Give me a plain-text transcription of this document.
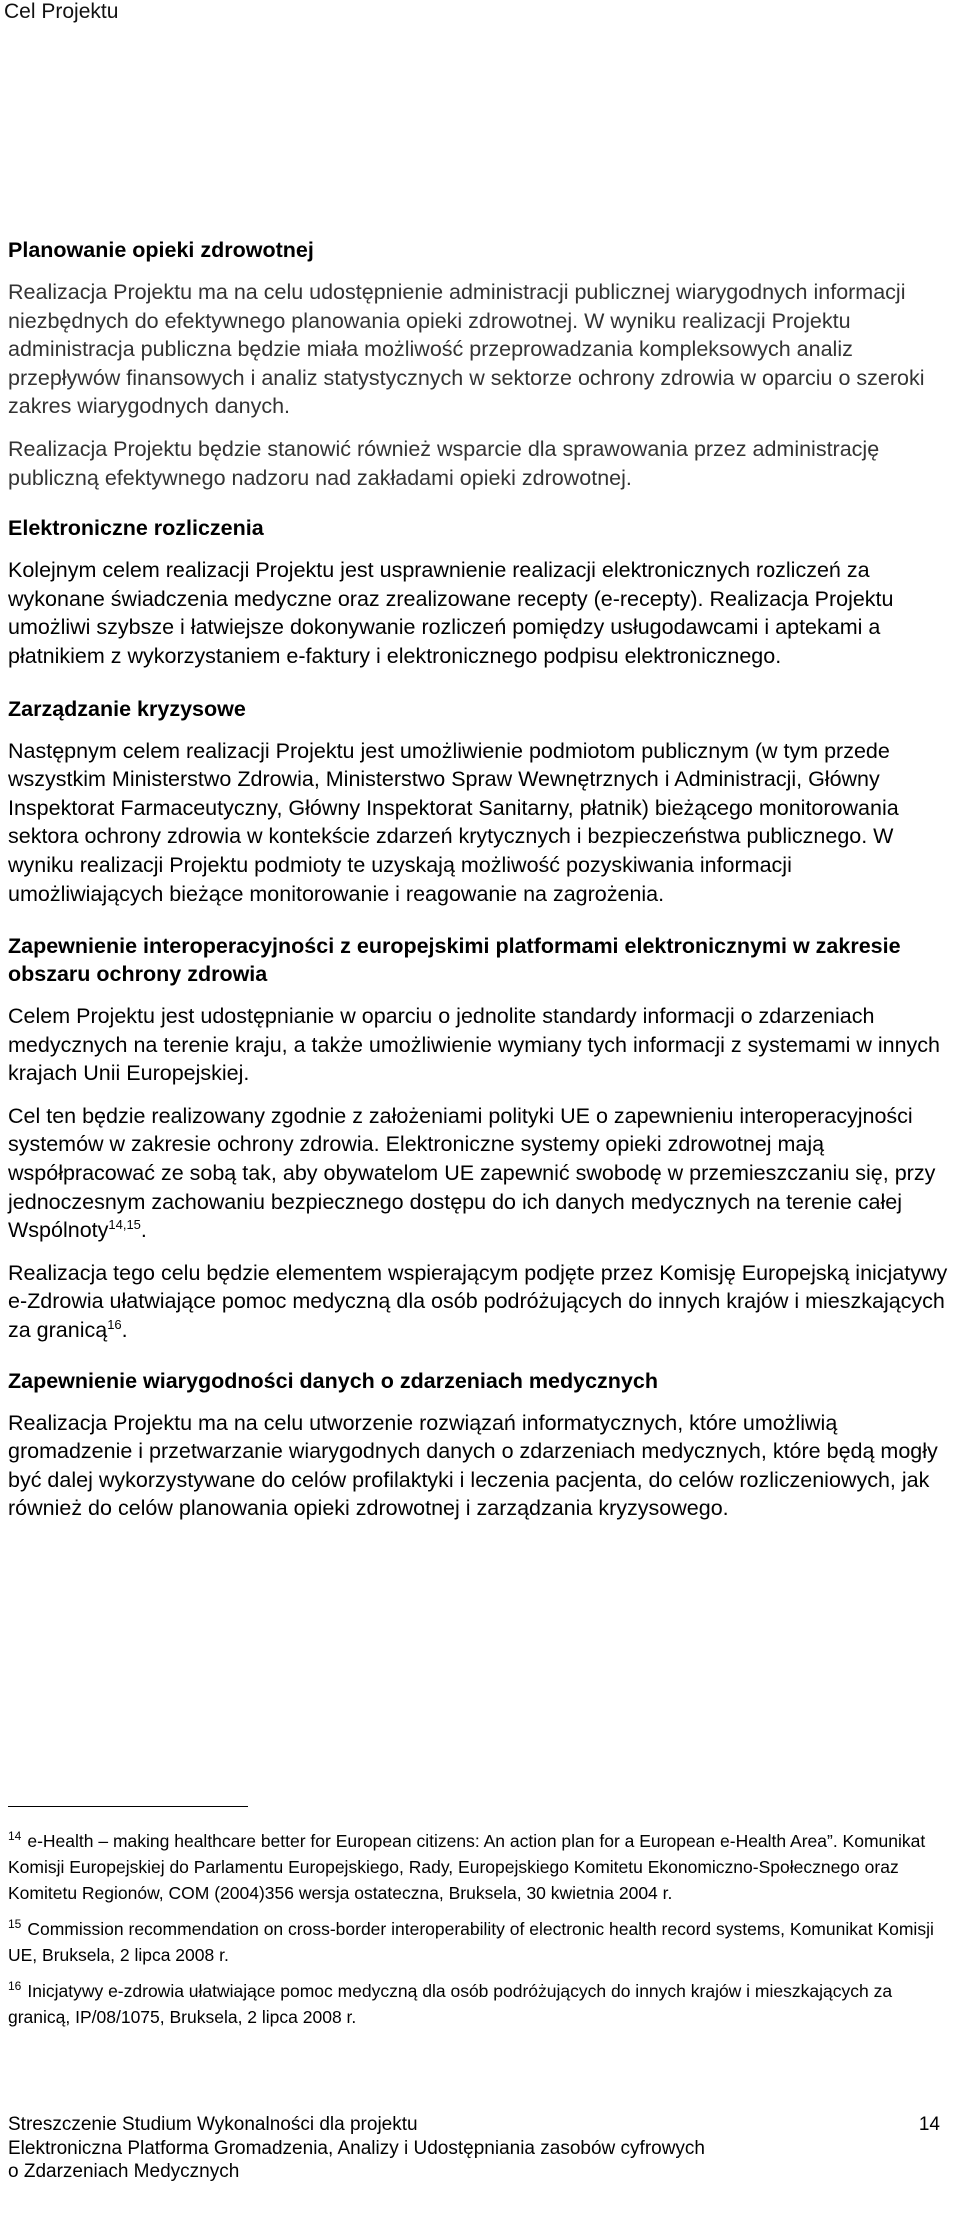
Cel Projektu
Planowanie opieki zdrowotnej

Realizacja Projektu ma na celu udostępnienie administracji publicznej wiarygodnych informacji niezbędnych do efektywnego planowania opieki zdrowotnej. W wyniku realizacji Projektu administracja publiczna będzie miała możliwość przeprowadzania kompleksowych analiz przepływów finansowych i analiz statystycznych w sektorze ochrony zdrowia w oparciu o szeroki zakres wiarygodnych danych.

Realizacja Projektu będzie stanowić również wsparcie dla sprawowania przez administrację publiczną efektywnego nadzoru nad zakładami opieki zdrowotnej.

Elektroniczne rozliczenia

Kolejnym celem realizacji Projektu jest usprawnienie realizacji elektronicznych rozliczeń za wykonane świadczenia medyczne oraz zrealizowane recepty (e-recepty). Realizacja Projektu umożliwi szybsze i łatwiejsze dokonywanie rozliczeń pomiędzy usługodawcami i aptekami a płatnikiem z wykorzystaniem e-faktury i elektronicznego podpisu elektronicznego.

Zarządzanie kryzysowe

Następnym celem realizacji Projektu jest umożliwienie podmiotom publicznym (w tym przede wszystkim Ministerstwo Zdrowia, Ministerstwo Spraw Wewnętrznych i Administracji, Główny Inspektorat Farmaceutyczny, Główny Inspektorat Sanitarny, płatnik) bieżącego monitorowania sektora ochrony zdrowia w kontekście zdarzeń krytycznych i bezpieczeństwa publicznego. W wyniku realizacji Projektu podmioty te uzyskają możliwość pozyskiwania informacji umożliwiających bieżące monitorowanie i reagowanie na zagrożenia.

Zapewnienie interoperacyjności z europejskimi platformami elektronicznymi w zakresie obszaru ochrony zdrowia

Celem Projektu jest udostępnianie w oparciu o jednolite standardy informacji o zdarzeniach medycznych na terenie kraju, a także umożliwienie wymiany tych informacji z systemami w innych krajach Unii Europejskiej.

Cel ten będzie realizowany zgodnie z założeniami polityki UE o zapewnieniu interoperacyjności systemów w zakresie ochrony zdrowia. Elektroniczne systemy opieki zdrowotnej mają współpracować ze sobą tak, aby obywatelom UE zapewnić swobodę w przemieszczaniu się, przy jednoczesnym zachowaniu bezpiecznego dostępu do ich danych medycznych na terenie całej Wspólnoty$^{14,15}$.

Realizacja tego celu będzie elementem wspierającym podjęte przez Komisję Europejską inicjatywy e-Zdrowia ułatwiające pomoc medyczną dla osób podróżujących do innych krajów i mieszkających za granicą$^{16}$.

Zapewnienie wiarygodności danych o zdarzeniach medycznych

Realizacja Projektu ma na celu utworzenie rozwiązań informatycznych, które umożliwią gromadzenie i przetwarzanie wiarygodnych danych o zdarzeniach medycznych, które będą mogły być dalej wykorzystywane do celów profilaktyki i leczenia pacjenta, do celów rozliczeniowych, jak również do celów planowania opieki zdrowotnej i zarządzania kryzysowego.

$^{14}$ e-Health – making healthcare better for European citizens: An action plan for a European e-Health Area”. Komunikat Komisji Europejskiej do Parlamentu Europejskiego, Rady, Europejskiego Komitetu Ekonomiczno-Społecznego oraz Komitetu Regionów, COM (2004)356 wersja ostateczna, Bruksela, 30 kwietnia 2004 r.

$^{15}$ Commission recommendation on cross-border interoperability of electronic health record systems, Komunikat Komisji UE, Bruksela, 2 lipca 2008 r.

$^{16}$ Inicjatywy e-zdrowia ułatwiające pomoc medyczną dla osób podróżujących do innych krajów i mieszkających za granicą, IP/08/1075, Bruksela, 2 lipca 2008 r.

Streszczenie Studium Wykonalności dla projektu
Elektroniczna Platforma Gromadzenia, Analizy i Udostępniania zasobów cyfrowych
o Zdarzeniach Medycznych
14
